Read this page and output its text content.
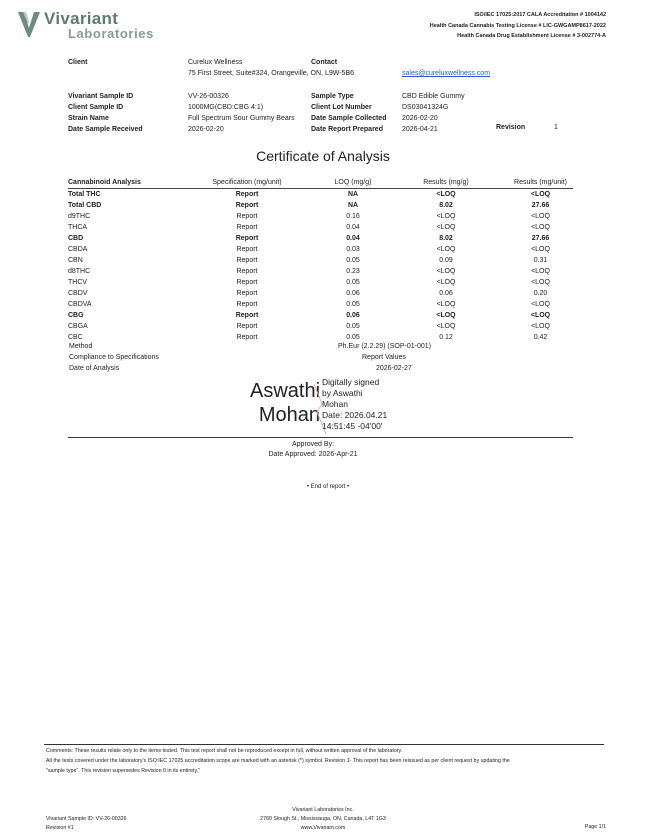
Vivariant
Laboratories
ISO/IEC 17025:2017 CALA Accreditation # 1004142
Health Canada Cannabis Testing License # LIC-GWGAMP8617-2022
Health Canada Drug Establishment License # 3-002774-A
Client	Curelux Wellness
75 First Street, Suite#324, Orangeville, ON, L9W-5B6
Contact
sales@cureluxwellness.com
Vivariant Sample ID	VV-26-00326
Client Sample ID	1000MG(CBD:CBG 4:1)
Strain Name	Full Spectrum Sour Gummy Bears
Date Sample Received	2026-02-20
Sample Type	CBD Edible Gummy
Client Lot Number	DS03041324G
Date Sample Collected 2026-02-20
Date Report Prepared	2026-04-21	Revision	1
Certificate of Analysis
Cannabinoid Analysis	Specification (mg/unit)	LOQ (mg/g)	Results (mg/g)	Results (mg/unit)
Total THC	Report	NA	<LOQ	<LOQ
Total CBD	Report	NA	8.02	27.66
d9THC	Report	0.16	<LOQ	<LOQ
THCA	Report	0.04	<LOQ	<LOQ
CBD	Report	0.04	8.02	27.66
CBDA	Report	0.03	<LOQ	<LOQ
CBN	Report	0.05	0.09	0.31
d8THC	Report	0.23	<LOQ	<LOQ
THCV	Report	0.05	<LOQ	<LOQ
CBDV	Report	0.06	0.06	0.20
CBDVA	Report	0.05	<LOQ	<LOQ
CBG	Report	0.06	<LOQ	<LOQ
CBGA	Report	0.05	<LOQ	<LOQ
CBC	Report	0.05	0.12	0.42
Method	Ph.Eur (2.2.29) (SOP-01-001)
Compliance to Specifications	Report Values
Date of Analysis	2026-02-27
Aswathi
Mohan
Digitally signed
by Aswathi
Mohan
Date: 2026.04.21
14:51:45 -04'00'
Approved By:
Date Approved: 2026-Apr-21
• End of report •
Comments: These results relate only to the items tested. This test report shall not be reproduced except in full, without written approval of the laboratory.
All the tests covered under the laboratory's ISO:IEC 17025 accreditation scope are marked with an asterisk (*) symbol. Revision 1- This report has been reissued as per client request by updating the
"sample type". This revision supersedes Revision 0 in its entirety."
Vivariant Laboratories Inc.
2760 Slough St., Mississauga, ON, Canada, L4T 1G3
www.Vivariant.com
Vivariant Sample ID: VV-26-00326
Revision #1	Page 1/1
